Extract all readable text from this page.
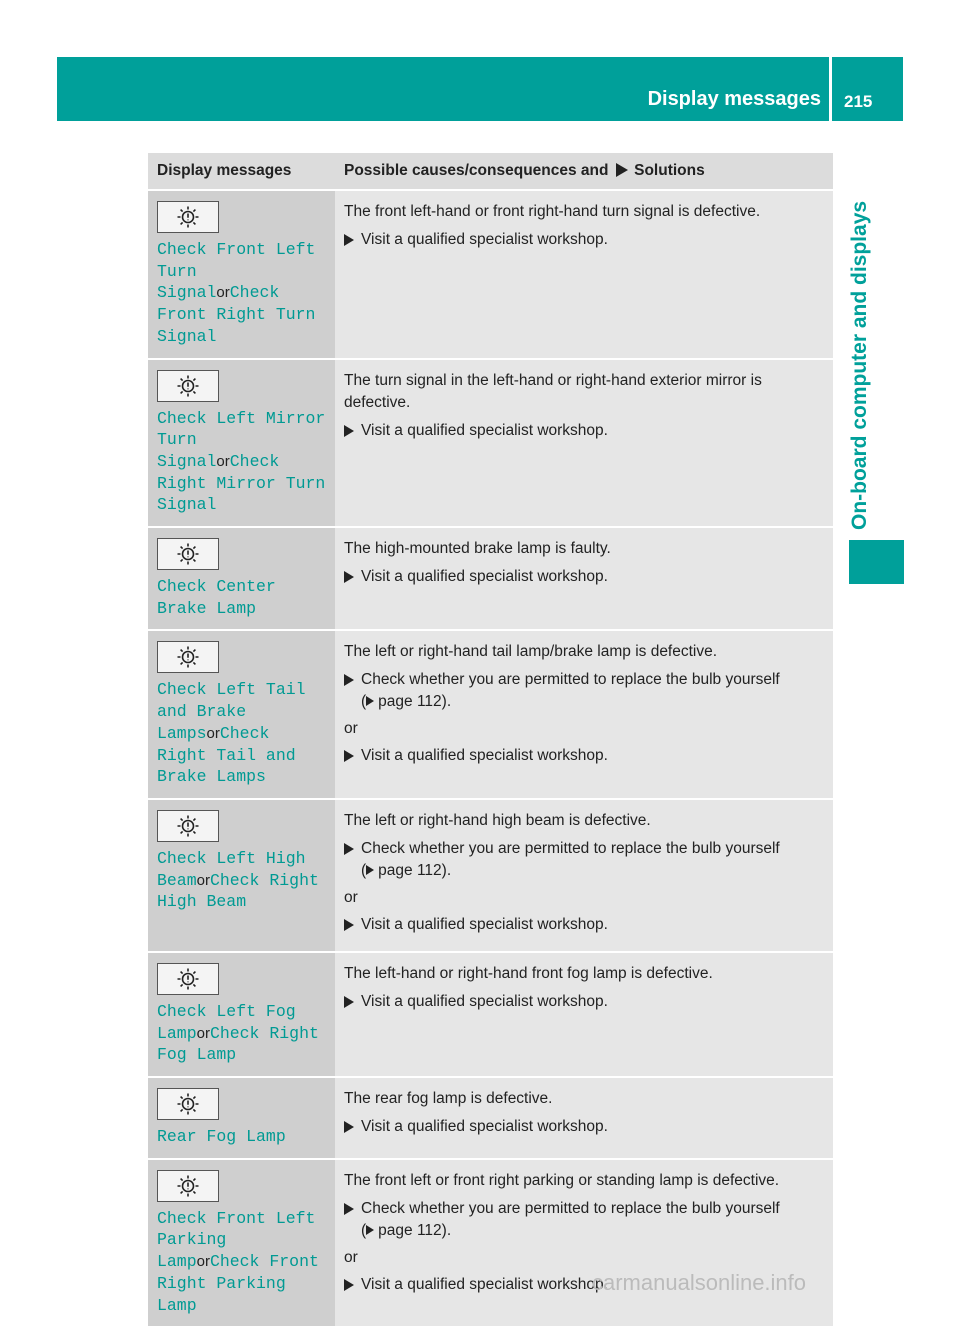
Display messages 215
On-board computer and displays
Display messages	Possible causes/consequences and Solutions

Check Front Left Turn SignalorCheck Front Right Turn Signal	The front left-hand or front right-hand turn signal is defective.

Visit a qualified specialist workshop.

Check Left Mirror Turn SignalorCheck Right Mirror Turn Signal	The turn signal in the left-hand or right-hand exterior mirror is defective.

Visit a qualified specialist workshop.

Check Center Brake Lamp	The high-mounted brake lamp is faulty.

Visit a qualified specialist workshop.

Check Left Tail and Brake LampsorCheck Right Tail and Brake Lamps	The left or right-hand tail lamp/brake lamp is defective.

Check whether you are permitted to replace the bulb yourself
( page 112).

or

Visit a qualified specialist workshop.

Check Left High BeamorCheck Right High Beam	The left or right-hand high beam is defective.

Check whether you are permitted to replace the bulb yourself
( page 112).

or

Visit a qualified specialist workshop.

Check Left Fog LamporCheck Right Fog Lamp	The left-hand or right-hand front fog lamp is defective.

Visit a qualified specialist workshop.

Rear Fog Lamp	The rear fog lamp is defective.

Visit a qualified specialist workshop.

Check Front Left Parking LamporCheck Front Right Parking Lamp	The front left or front right parking or standing lamp is defective.

Check whether you are permitted to replace the bulb yourself
( page 112).

or

Visit a qualified specialist workshop.

carmanualsonline.info
